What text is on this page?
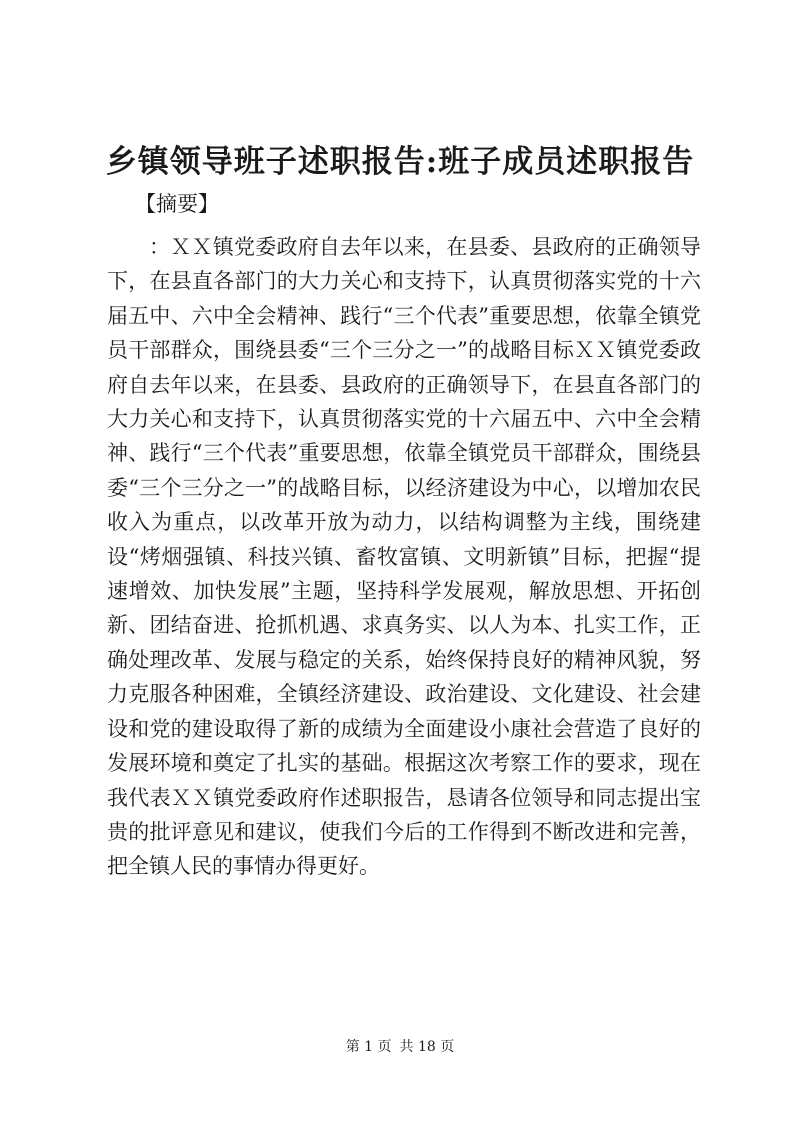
乡镇领导班子述职报告:班子成员述职报告

【摘要】

：ＸＸ镇党委政府自去年以来，在县委、县政府的正确领导下，在县直各部门的大力关心和支持下，认真贯彻落实党的十六届五中、六中全会精神、践行“三个代表”重要思想，依靠全镇党员干部群众，围绕县委“三个三分之一”的战略目标ＸＸ镇党委政府自去年以来，在县委、县政府的正确领导下，在县直各部门的大力关心和支持下，认真贯彻落实党的十六届五中、六中全会精神、践行“三个代表”重要思想，依靠全镇党员干部群众，围绕县委“三个三分之一”的战略目标，以经济建设为中心，以增加农民收入为重点，以改革开放为动力，以结构调整为主线，围绕建设“烤烟强镇、科技兴镇、畜牧富镇、文明新镇”目标，把握“提速增效、加快发展”主题，坚持科学发展观，解放思想、开拓创新、团结奋进、抢抓机遇、求真务实、以人为本、扎实工作，正确处理改革、发展与稳定的关系，始终保持良好的精神风貌，努力克服各种困难，全镇经济建设、政治建设、文化建设、社会建设和党的建设取得了新的成绩为全面建设小康社会营造了良好的发展环境和奠定了扎实的基础。根据这次考察工作的要求，现在我代表ＸＸ镇党委政府作述职报告，恳请各位领导和同志提出宝贵的批评意见和建议，使我们今后的工作得到不断改进和完善，把全镇人民的事情办得更好。

第 1 页 共 18 页
